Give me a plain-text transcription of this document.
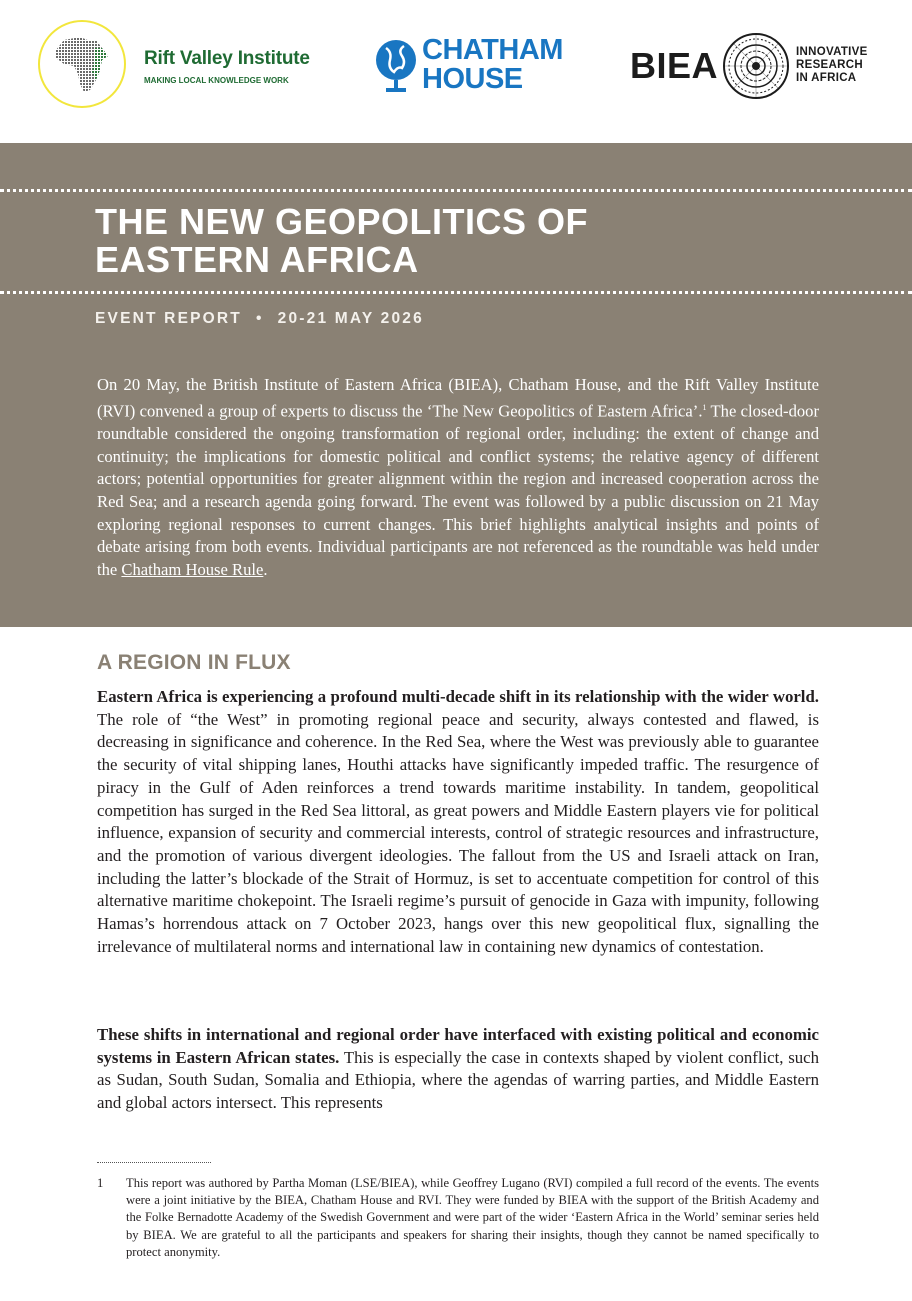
Rift Valley Institute
MAKING LOCAL KNOWLEDGE WORK
CHATHAM
HOUSE	BIEA	INNOVATIVE
RESEARCH
IN AFRICA
THE NEW GEOPOLITICS OF
EASTERN AFRICA
EVENT REPORT • 20-21 MAY 2026
On 20 May, the British Institute of Eastern Africa (BIEA), Chatham House, and the Rift Valley Institute (RVI) convened a group of experts to discuss the ‘The New Geopolitics of Eastern Africa’.$^1$ The closed-door roundtable considered the ongoing transformation of regional order, including: the extent of change and continuity; the implications for domestic political and conflict systems; the relative agency of different actors; potential opportunities for greater alignment within the region and increased cooperation across the Red Sea; and a research agenda going forward. The event was followed by a public discussion on 21 May exploring regional responses to current changes. This brief highlights analytical insights and points of debate arising from both events. Individual participants are not referenced as the roundtable was held under the Chatham House Rule.
A REGION IN FLUX

Eastern Africa is experiencing a profound multi-decade shift in its relationship with the wider world. The role of “the West” in promoting regional peace and security, always contested and flawed, is decreasing in significance and coherence. In the Red Sea, where the West was previously able to guarantee the security of vital shipping lanes, Houthi attacks have significantly impeded traffic. The resurgence of piracy in the Gulf of Aden reinforces a trend towards maritime instability. In tandem, geopolitical competition has surged in the Red Sea littoral, as great powers and Middle Eastern players vie for political influence, expansion of security and commercial interests, control of strategic resources and infrastructure, and the promotion of various divergent ideologies. The fallout from the US and Israeli attack on Iran, including the latter’s blockade of the Strait of Hormuz, is set to accentuate competition for control of this alternative maritime chokepoint. The Israeli regime’s pursuit of genocide in Gaza with impunity, following Hamas’s horrendous attack on 7 October 2023, hangs over this new geopolitical flux, signalling the irrelevance of multilateral norms and international law in containing new dynamics of contestation.

These shifts in international and regional order have interfaced with existing political and economic systems in Eastern African states. This is especially the case in contexts shaped by violent conflict, such as Sudan, South Sudan, Somalia and Ethiopia, where the agendas of warring parties, and Middle Eastern and global actors intersect. This represents

1 This report was authored by Partha Moman (LSE/BIEA), while Geoffrey Lugano (RVI) compiled a full record of the events. The events were a joint initiative by the BIEA, Chatham House and RVI. They were funded by BIEA with the support of the British Academy and the Folke Bernadotte Academy of the Swedish Government and were part of the wider ‘Eastern Africa in the World’ seminar series held by BIEA. We are grateful to all the participants and speakers for sharing their insights, though they cannot be named specifically to protect anonymity.
